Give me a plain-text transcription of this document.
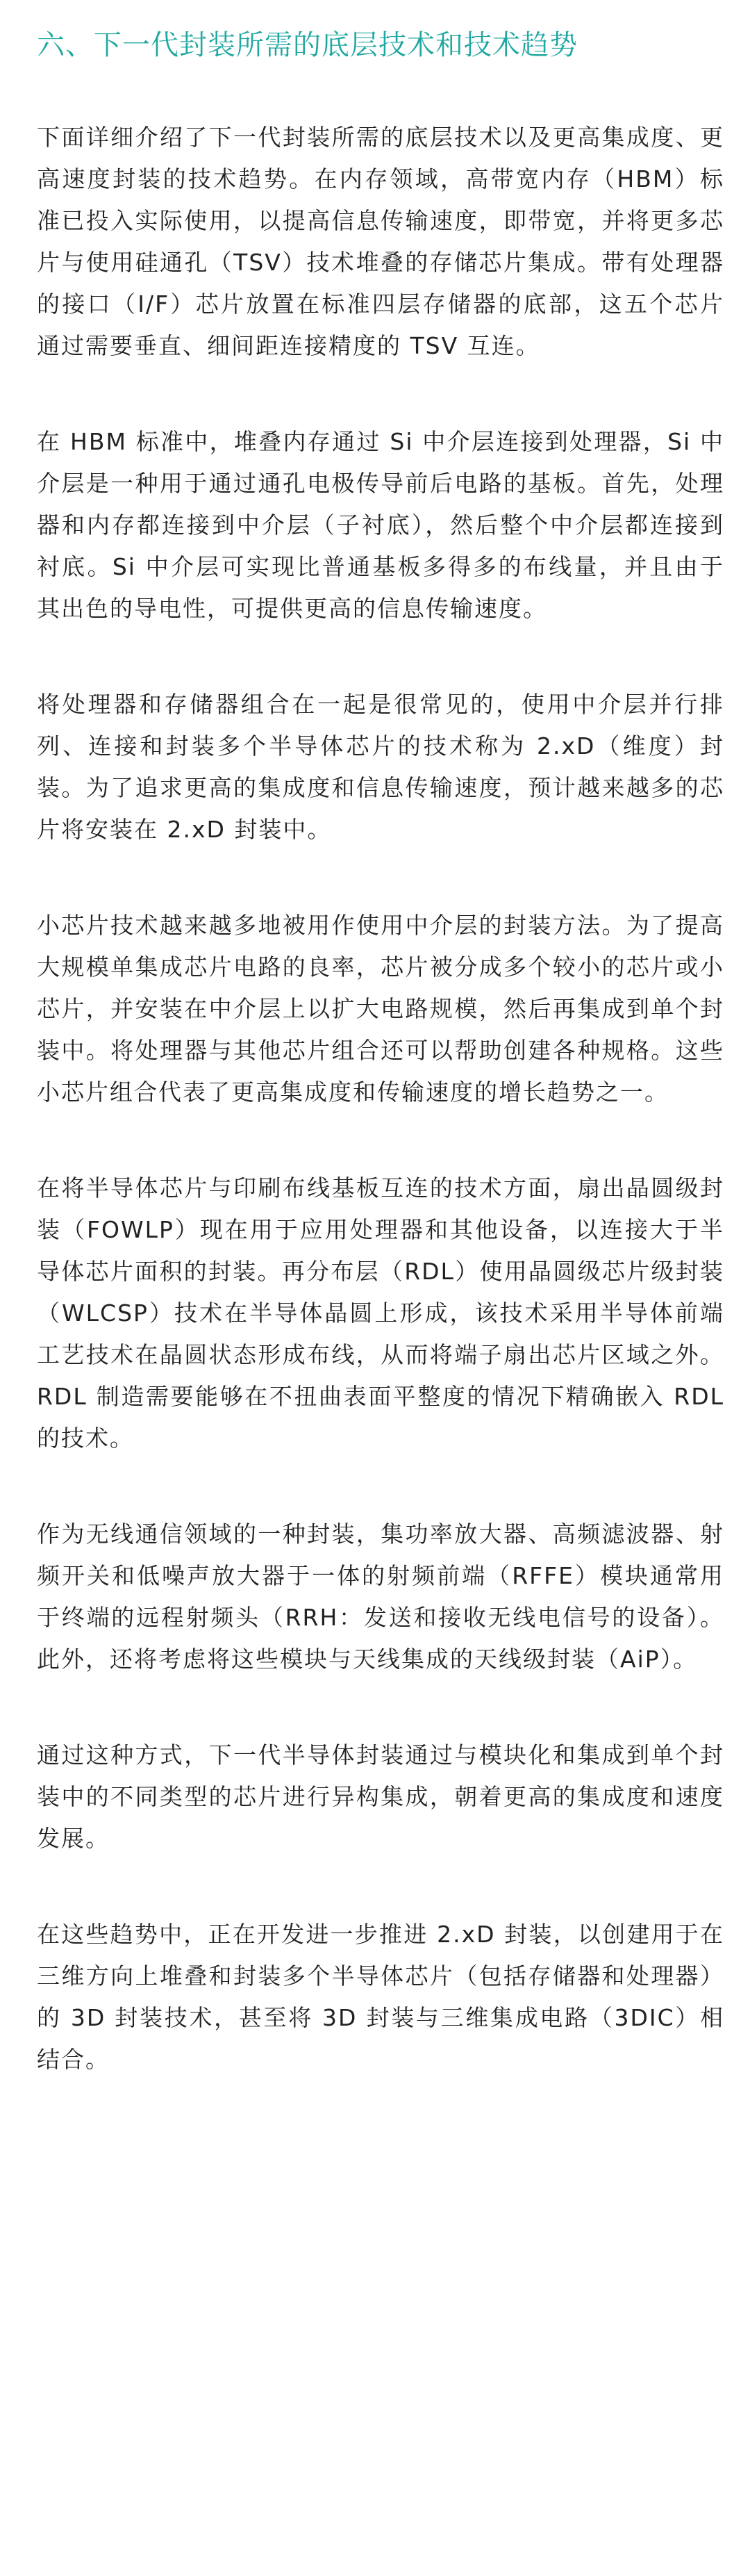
六、下一代封装所需的底层技术和技术趋势

下面详细介绍了下一代封装所需的底层技术以及更高集成度、更高速度封装的技术趋势。在内存领域，高带宽内存（HBM）标准已投入实际使用，以提高信息传输速度，即带宽，并将更多芯片与使用硅通孔（TSV）技术堆叠的存储芯片集成。带有处理器的接口（I/F）芯片放置在标准四层存储器的底部，这五个芯片通过需要垂直、细间距连接精度的 TSV 互连。

在 HBM 标准中，堆叠内存通过 Si 中介层连接到处理器，Si 中介层是一种用于通过通孔电极传导前后电路的基板。首先，处理器和内存都连接到中介层（子衬底），然后整个中介层都连接到衬底。Si 中介层可实现比普通基板多得多的布线量，并且由于其出色的导电性，可提供更高的信息传输速度。

将处理器和存储器组合在一起是很常见的，使用中介层并行排列、连接和封装多个半导体芯片的技术称为 2.xD（维度）封装。为了追求更高的集成度和信息传输速度，预计越来越多的芯片将安装在 2.xD 封装中。

小芯片技术越来越多地被用作使用中介层的封装方法。为了提高大规模单集成芯片电路的良率，芯片被分成多个较小的芯片或小芯片，并安装在中介层上以扩大电路规模，然后再集成到单个封装中。将处理器与其他芯片组合还可以帮助创建各种规格。这些小芯片组合代表了更高集成度和传输速度的增长趋势之一。

在将半导体芯片与印刷布线基板互连的技术方面，扇出晶圆级封装（FOWLP）现在用于应用处理器和其他设备，以连接大于半导体芯片面积的封装。再分布层（RDL）使用晶圆级芯片级封装（WLCSP）技术在半导体晶圆上形成，该技术采用半导体前端工艺技术在晶圆状态形成布线，从而将端子扇出芯片区域之外。RDL 制造需要能够在不扭曲表面平整度的情况下精确嵌入 RDL 的技术。

作为无线通信领域的一种封装，集功率放大器、高频滤波器、射频开关和低噪声放大器于一体的射频前端（RFFE）模块通常用于终端的远程射频头（RRH：发送和接收无线电信号的设备）。此外，还将考虑将这些模块与天线集成的天线级封装（AiP）。

通过这种方式，下一代半导体封装通过与模块化和集成到单个封装中的不同类型的芯片进行异构集成，朝着更高的集成度和速度发展。

在这些趋势中，正在开发进一步推进 2.xD 封装，以创建用于在三维方向上堆叠和封装多个半导体芯片（包括存储器和处理器）的 3D 封装技术，甚至将 3D 封装与三维集成电路（3DIC）相结合。
